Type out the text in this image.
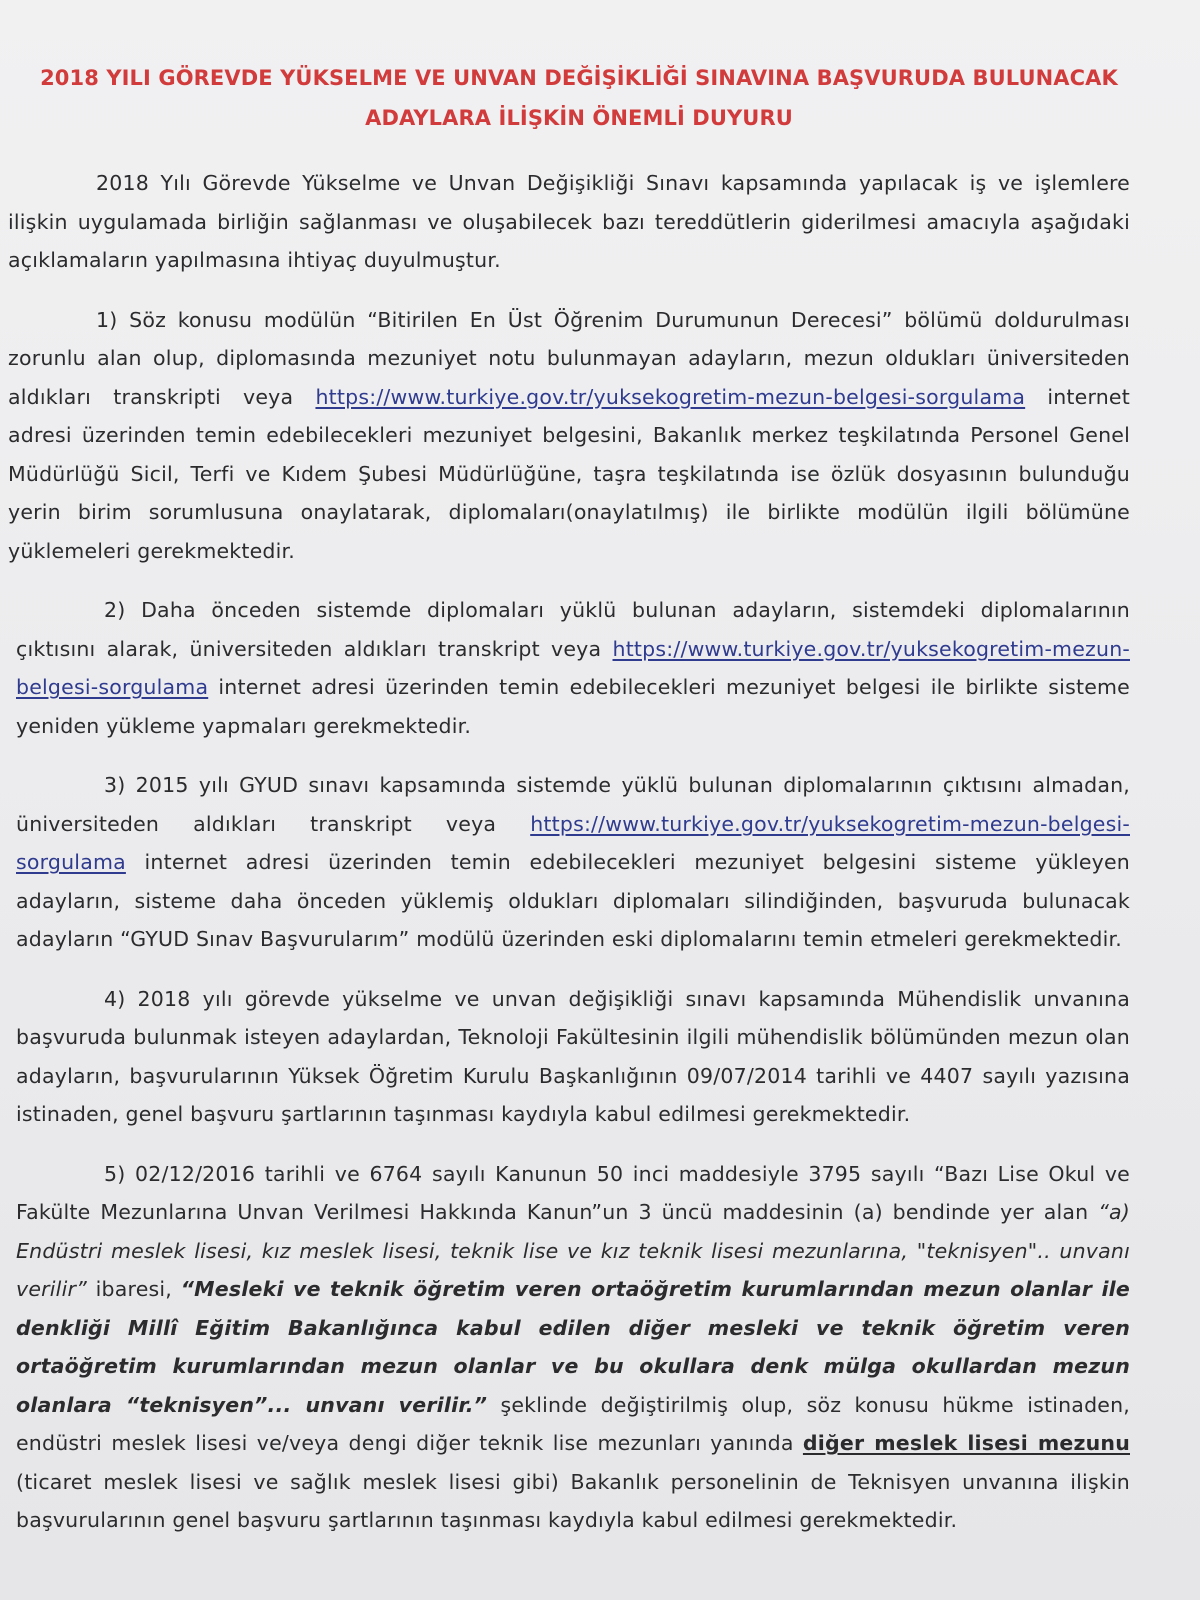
2018 YILI GÖREVDE YÜKSELME VE UNVAN DEĞİŞİKLİĞİ SINAVINA BAŞVURUDA BULUNACAK
ADAYLARA İLİŞKİN ÖNEMLİ DUYURU

2018 Yılı Görevde Yükselme ve Unvan Değişikliği Sınavı kapsamında yapılacak iş ve işlemlere ilişkin uygulamada birliğin sağlanması ve oluşabilecek bazı tereddütlerin giderilmesi amacıyla aşağıdaki açıklamaların yapılmasına ihtiyaç duyulmuştur.

1) Söz konusu modülün “Bitirilen En Üst Öğrenim Durumunun Derecesi” bölümü doldurulması zorunlu alan olup, diplomasında mezuniyet notu bulunmayan adayların, mezun oldukları üniversiteden aldıkları transkripti veya https://www.turkiye.gov.tr/yuksekogretim-mezun-belgesi-sorgulama internet adresi üzerinden temin edebilecekleri mezuniyet belgesini, Bakanlık merkez teşkilatında Personel Genel Müdürlüğü Sicil, Terfi ve Kıdem Şubesi Müdürlüğüne, taşra teşkilatında ise özlük dosyasının bulunduğu yerin birim sorumlusuna onaylatarak, diplomaları(onaylatılmış) ile birlikte modülün ilgili bölümüne yüklemeleri gerekmektedir.

2) Daha önceden sistemde diplomaları yüklü bulunan adayların, sistemdeki diplomalarının çıktısını alarak, üniversiteden aldıkları transkript veya https://www.turkiye.gov.tr/yuksekogretim-mezun-belgesi-sorgulama internet adresi üzerinden temin edebilecekleri mezuniyet belgesi ile birlikte sisteme yeniden yükleme yapmaları gerekmektedir.

3) 2015 yılı GYUD sınavı kapsamında sistemde yüklü bulunan diplomalarının çıktısını almadan, üniversiteden aldıkları transkript veya https://www.turkiye.gov.tr/yuksekogretim-mezun-belgesi-sorgulama internet adresi üzerinden temin edebilecekleri mezuniyet belgesini sisteme yükleyen adayların, sisteme daha önceden yüklemiş oldukları diplomaları silindiğinden, başvuruda bulunacak adayların “GYUD Sınav Başvurularım” modülü üzerinden eski diplomalarını temin etmeleri gerekmektedir.

4) 2018 yılı görevde yükselme ve unvan değişikliği sınavı kapsamında Mühendislik unvanına başvuruda bulunmak isteyen adaylardan, Teknoloji Fakültesinin ilgili mühendislik bölümünden mezun olan adayların, başvurularının Yüksek Öğretim Kurulu Başkanlığının 09/07/2014 tarihli ve 4407 sayılı yazısına istinaden, genel başvuru şartlarının taşınması kaydıyla kabul edilmesi gerekmektedir.

5) 02/12/2016 tarihli ve 6764 sayılı Kanunun 50 inci maddesiyle 3795 sayılı “Bazı Lise Okul ve Fakülte Mezunlarına Unvan Verilmesi Hakkında Kanun”un 3 üncü maddesinin (a) bendinde yer alan “a) Endüstri meslek lisesi, kız meslek lisesi, teknik lise ve kız teknik lisesi mezunlarına, "teknisyen".. unvanı verilir” ibaresi, “Mesleki ve teknik öğretim veren ortaöğretim kurumlarından mezun olanlar ile denkliği Millî Eğitim Bakanlığınca kabul edilen diğer mesleki ve teknik öğretim veren ortaöğretim kurumlarından mezun olanlar ve bu okullara denk mülga okullardan mezun olanlara “teknisyen”... unvanı verilir.” şeklinde değiştirilmiş olup, söz konusu hükme istinaden, endüstri meslek lisesi ve/veya dengi diğer teknik lise mezunları yanında diğer meslek lisesi mezunu (ticaret meslek lisesi ve sağlık meslek lisesi gibi) Bakanlık personelinin de Teknisyen unvanına ilişkin başvurularının genel başvuru şartlarının taşınması kaydıyla kabul edilmesi gerekmektedir.
